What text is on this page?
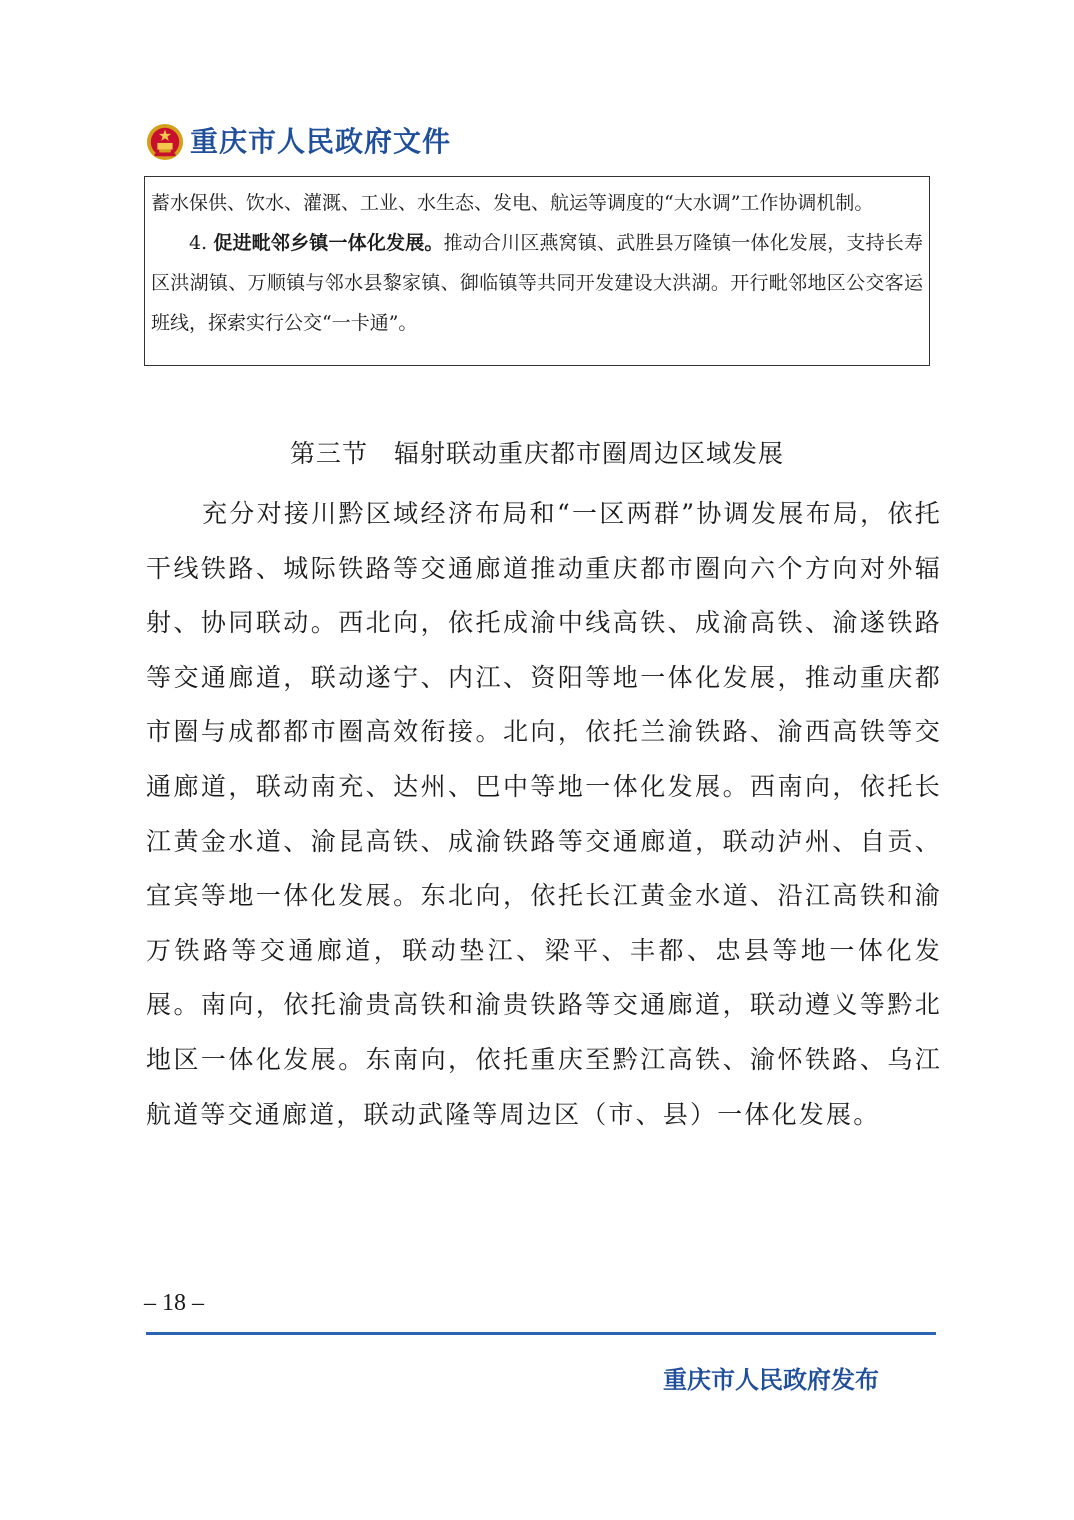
重庆市人民政府文件

蓄水保供、饮水、灌溉、工业、水生态、发电、航运等调度的“大水调”工作协调机制。

4. 促进毗邻乡镇一体化发展。推动合川区燕窝镇、武胜县万隆镇一体化发展，支持长寿区洪湖镇、万顺镇与邻水县黎家镇、御临镇等共同开发建设大洪湖。开行毗邻地区公交客运班线，探索实行公交“一卡通”。

第三节　辐射联动重庆都市圈周边区域发展

充分对接川黔区域经济布局和“一区两群”协调发展布局，依托干线铁路、城际铁路等交通廊道推动重庆都市圈向六个方向对外辐射、协同联动。西北向，依托成渝中线高铁、成渝高铁、渝遂铁路等交通廊道，联动遂宁、内江、资阳等地一体化发展，推动重庆都市圈与成都都市圈高效衔接。北向，依托兰渝铁路、渝西高铁等交通廊道，联动南充、达州、巴中等地一体化发展。西南向，依托长江黄金水道、渝昆高铁、成渝铁路等交通廊道，联动泸州、自贡、宜宾等地一体化发展。东北向，依托长江黄金水道、沿江高铁和渝万铁路等交通廊道，联动垫江、梁平、丰都、忠县等地一体化发展。南向，依托渝贵高铁和渝贵铁路等交通廊道，联动遵义等黔北地区一体化发展。东南向，依托重庆至黔江高铁、渝怀铁路、乌江航道等交通廊道，联动武隆等周边区（市、县）一体化发展。

– 18 –
重庆市人民政府发布
